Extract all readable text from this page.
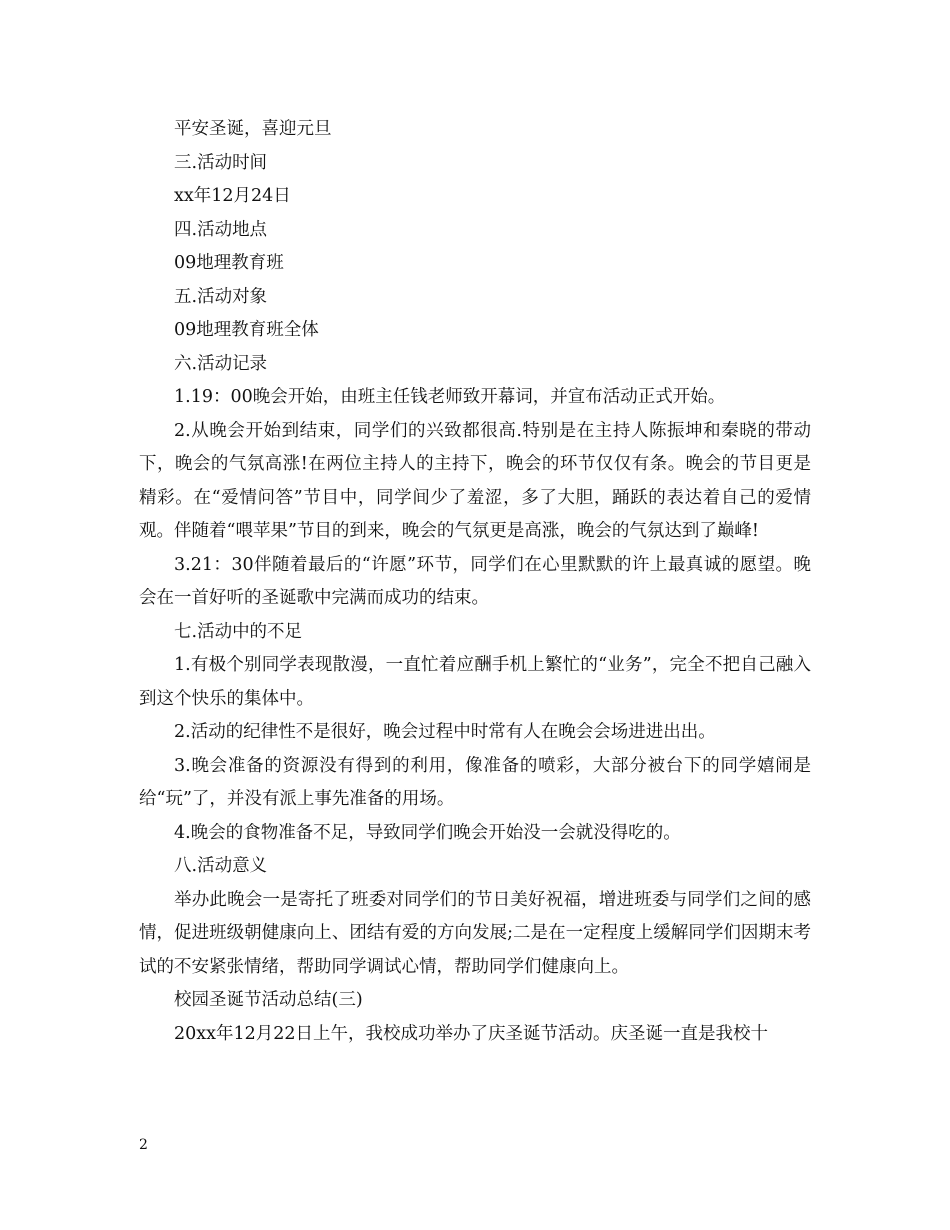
平安圣诞，喜迎元旦
三.活动时间
xx年12月24日
四.活动地点
09地理教育班
五.活动对象
09地理教育班全体
六.活动记录
1.19：00晚会开始，由班主任钱老师致开幕词，并宣布活动正式开始。

2.从晚会开始到结束，同学们的兴致都很高.特别是在主持人陈振坤和秦晓的带动下，晚会的气氛高涨!在两位主持人的主持下，晚会的环节仅仅有条。晚会的节目更是精彩。在“爱情问答”节目中，同学间少了羞涩，多了大胆，踊跃的表达着自己的爱情观。伴随着“喂苹果”节目的到来，晚会的气氛更是高涨，晚会的气氛达到了巅峰!

3.21：30伴随着最后的“许愿”环节，同学们在心里默默的许上最真诚的愿望。晚会在一首好听的圣诞歌中完满而成功的结束。

七.活动中的不足

1.有极个别同学表现散漫，一直忙着应酬手机上繁忙的“业务”，完全不把自己融入到这个快乐的集体中。

2.活动的纪律性不是很好，晚会过程中时常有人在晚会会场进进出出。

3.晚会准备的资源没有得到的利用，像准备的喷彩，大部分被台下的同学嬉闹是给“玩”了，并没有派上事先准备的用场。

4.晚会的食物准备不足，导致同学们晚会开始没一会就没得吃的。
八.活动意义

举办此晚会一是寄托了班委对同学们的节日美好祝福，增进班委与同学们之间的感情，促进班级朝健康向上、团结有爱的方向发展;二是在一定程度上缓解同学们因期末考试的不安紧张情绪，帮助同学调试心情，帮助同学们健康向上。

校园圣诞节活动总结(三)

20xx年12月22日上午，我校成功举办了庆圣诞节活动。庆圣诞一直是我校十

2
